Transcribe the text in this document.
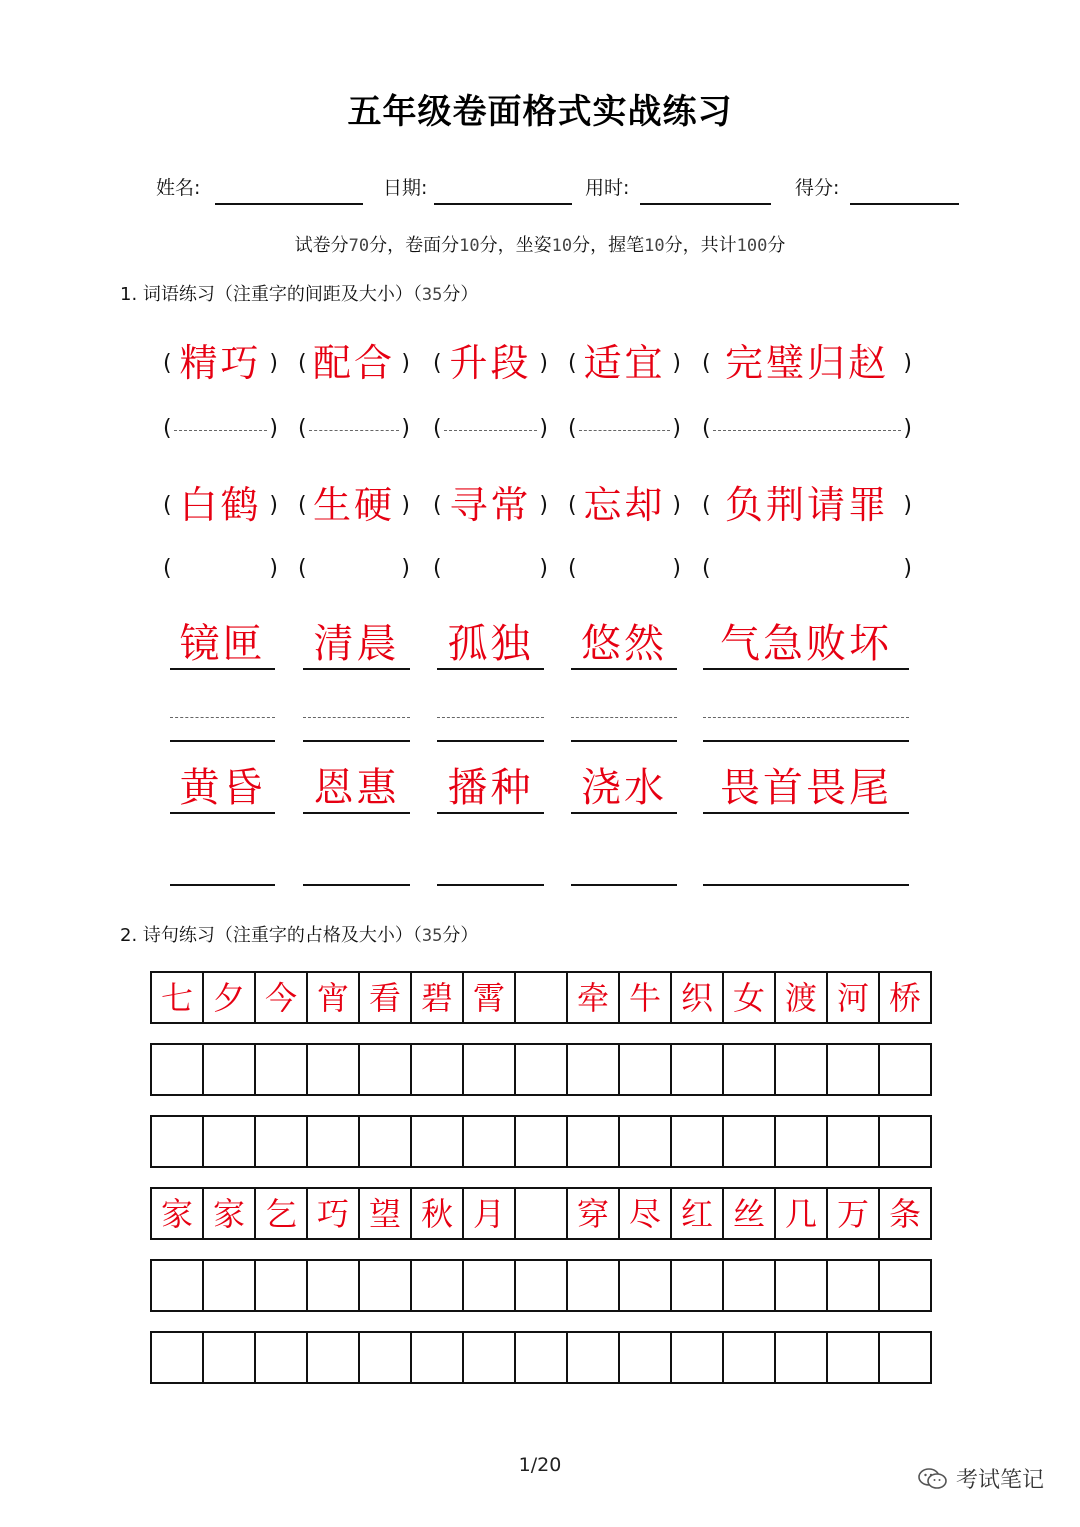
五年级卷面格式实战练习
姓名:	日期:	用时:	得分:
试卷分70分，卷面分10分，坐姿10分，握笔10分，共计100分
1. 词语练习（注重字的间距及大小）（35分）
( 精巧 ) ( 配合 ) ( 升段 ) ( 适宜 ) ( 完璧归赵 )
(	) (	) (	) (	) (	)
( 白鹤 ) ( 生硬 ) ( 寻常 ) ( 忘却 ) ( 负荆请罪 )
(	) (	) (	) (	) (	)
镜匣 清晨 孤独 悠然	气急败坏
黄昏 恩惠 播种 浇水	畏首畏尾
2. 诗句练习（注重字的占格及大小）（35分）
七 夕 今 宵 看 碧 霄	牵 牛 织 女 渡 河 桥
家 家 乞 巧 望 秋 月	穿 尽 红 丝 几 万 条
1/20
考试笔记
